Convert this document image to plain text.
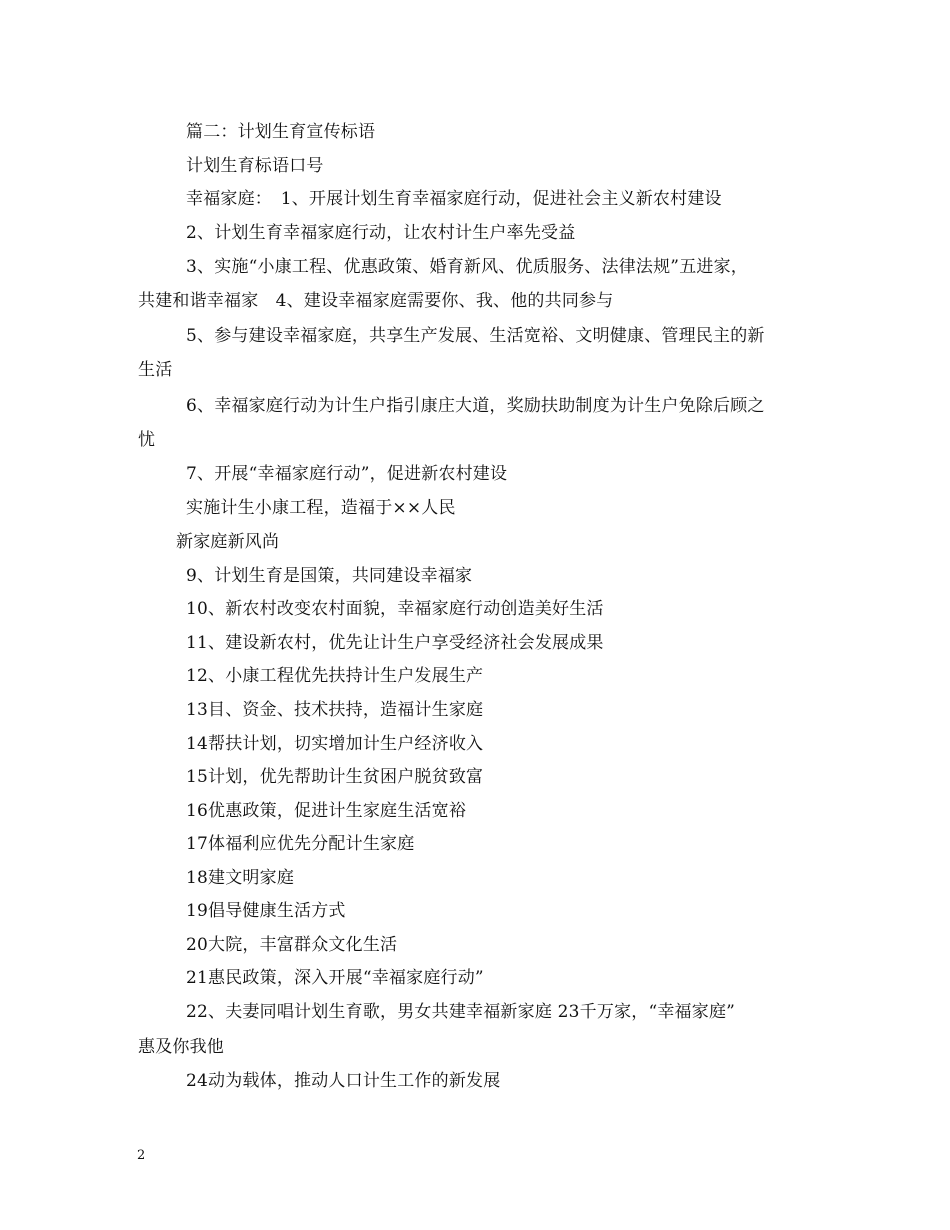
篇二：计划生育宣传标语
计划生育标语口号
幸福家庭：　1、开展计划生育幸福家庭行动，促进社会主义新农村建设
2、计划生育幸福家庭行动，让农村计生户率先受益
3、实施“小康工程、优惠政策、婚育新风、优质服务、法律法规”五进家，
共建和谐幸福家　4、建设幸福家庭需要你、我、他的共同参与
5、参与建设幸福家庭，共享生产发展、生活宽裕、文明健康、管理民主的新
生活
6、幸福家庭行动为计生户指引康庄大道，奖励扶助制度为计生户免除后顾之
忧
7、开展“幸福家庭行动”，促进新农村建设
实施计生小康工程，造福于××人民
新家庭新风尚
9、计划生育是国策，共同建设幸福家
10、新农村改变农村面貌，幸福家庭行动创造美好生活
11、建设新农村，优先让计生户享受经济社会发展成果
12、小康工程优先扶持计生户发展生产
13目、资金、技术扶持，造福计生家庭
14帮扶计划，切实增加计生户经济收入
15计划，优先帮助计生贫困户脱贫致富
16优惠政策，促进计生家庭生活宽裕
17体福利应优先分配计生家庭
18建文明家庭
19倡导健康生活方式
20大院，丰富群众文化生活
21惠民政策，深入开展“幸福家庭行动”
22、夫妻同唱计划生育歌，男女共建幸福新家庭 23千万家，“幸福家庭”
惠及你我他
24动为载体，推动人口计生工作的新发展
2
